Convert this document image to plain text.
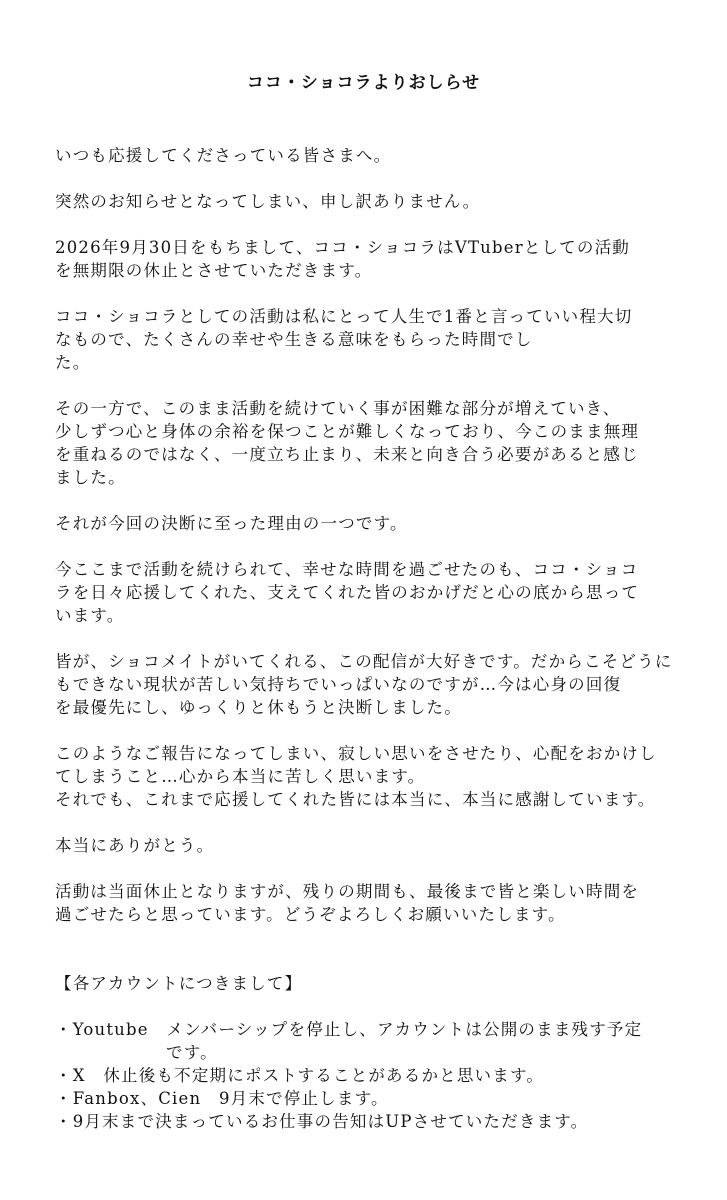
ココ・ショコラよりおしらせ
いつも応援してくださっている皆さまへ。
突然のお知らせとなってしまい、申し訳ありません。
2026年9月30日をもちまして、ココ・ショコラはVTuberとしての活動
を無期限の休止とさせていただきます。
ココ・ショコラとしての活動は私にとって人生で1番と言っていい程大切
なもので、たくさんの幸せや生きる意味をもらった時間でし
た。
その一方で、このまま活動を続けていく事が困難な部分が増えていき、
少しずつ心と身体の余裕を保つことが難しくなっており、今このまま無理
を重ねるのではなく、一度立ち止まり、未来と向き合う必要があると感じ
ました。
それが今回の決断に至った理由の一つです。
今ここまで活動を続けられて、幸せな時間を過ごせたのも、ココ・ショコ
ラを日々応援してくれた、支えてくれた皆のおかげだと心の底から思って
います。
皆が、ショコメイトがいてくれる、この配信が大好きです。だからこそどうに
もできない現状が苦しい気持ちでいっぱいなのですが…今は心身の回復
を最優先にし、ゆっくりと休もうと決断しました。
このようなご報告になってしまい、寂しい思いをさせたり、心配をおかけし
てしまうこと…心から本当に苦しく思います。
それでも、これまで応援してくれた皆には本当に、本当に感謝しています。
本当にありがとう。
活動は当面休止となりますが、残りの期間も、最後まで皆と楽しい時間を
過ごせたらと思っています。どうぞよろしくお願いいたします。
【各アカウントにつきまして】
・Youtube　メンバーシップを停止し、アカウントは公開のまま残す予定
です。
・X　休止後も不定期にポストすることがあるかと思います。
・Fanbox、Cien　9月末で停止します。
・9月末まで決まっているお仕事の告知はUPさせていただきます。
